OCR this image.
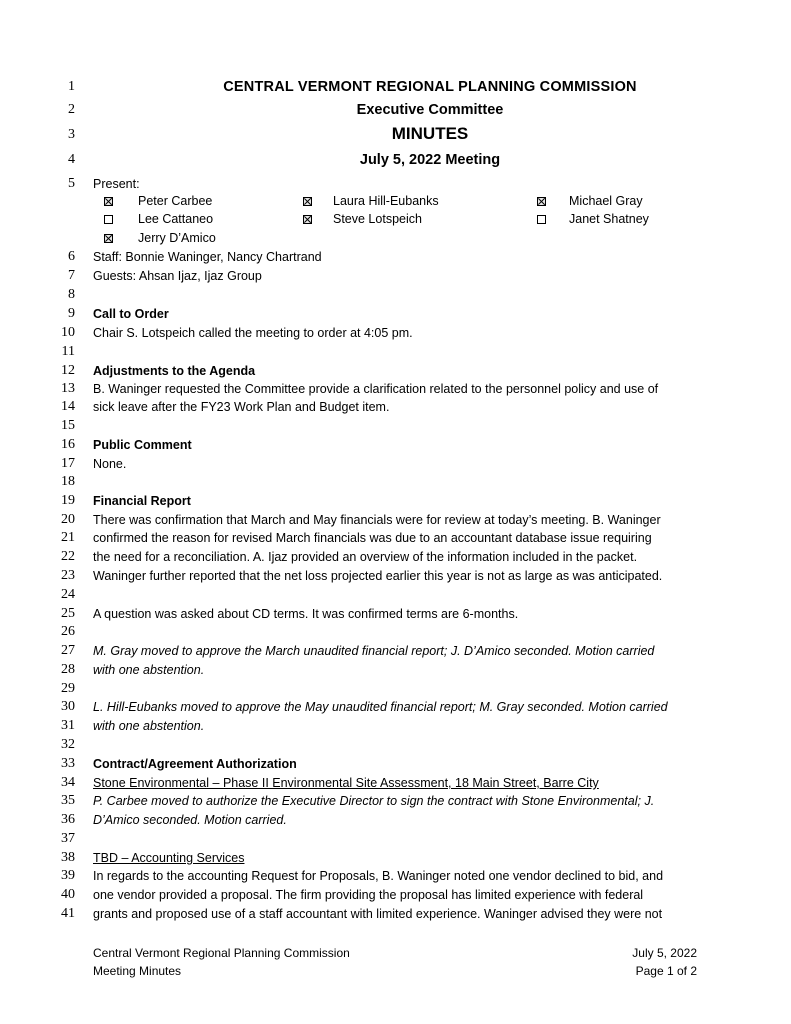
1
2
3
4
5
6
7
8
9
10
11
12
13
14
15
16
17
18
19
20
21
22
23
24
25
26
27
28
29
30
31
32
33
34
35
36
37
38
39
40
41
CENTRAL VERMONT REGIONAL PLANNING COMMISSION
Executive Committee
MINUTES
July 5, 2022 Meeting
Present:
Peter Carbee	Laura Hill-Eubanks	Michael Gray
Lee Cattaneo	Steve Lotspeich	Janet Shatney
Jerry D’Amico
Staff: Bonnie Waninger, Nancy Chartrand
Guests: Ahsan Ijaz, Ijaz Group
Call to Order
Chair S. Lotspeich called the meeting to order at 4:05 pm.
Adjustments to the Agenda
B. Waninger requested the Committee provide a clarification related to the personnel policy and use of
sick leave after the FY23 Work Plan and Budget item.
Public Comment
None.
Financial Report
There was confirmation that March and May financials were for review at today’s meeting. B. Waninger
confirmed the reason for revised March financials was due to an accountant database issue requiring
the need for a reconciliation. A. Ijaz provided an overview of the information included in the packet.
Waninger further reported that the net loss projected earlier this year is not as large as was anticipated.
A question was asked about CD terms. It was confirmed terms are 6-months.
M. Gray moved to approve the March unaudited financial report; J. D’Amico seconded. Motion carried
with one abstention.
L. Hill-Eubanks moved to approve the May unaudited financial report; M. Gray seconded. Motion carried
with one abstention.
Contract/Agreement Authorization
Stone Environmental – Phase II Environmental Site Assessment, 18 Main Street, Barre City
P. Carbee moved to authorize the Executive Director to sign the contract with Stone Environmental; J.
D’Amico seconded. Motion carried.
TBD – Accounting Services
In regards to the accounting Request for Proposals, B. Waninger noted one vendor declined to bid, and
one vendor provided a proposal. The firm providing the proposal has limited experience with federal
grants and proposed use of a staff accountant with limited experience. Waninger advised they were not
Central Vermont Regional Planning Commission
Meeting Minutes
July 5, 2022
Page 1 of 2
